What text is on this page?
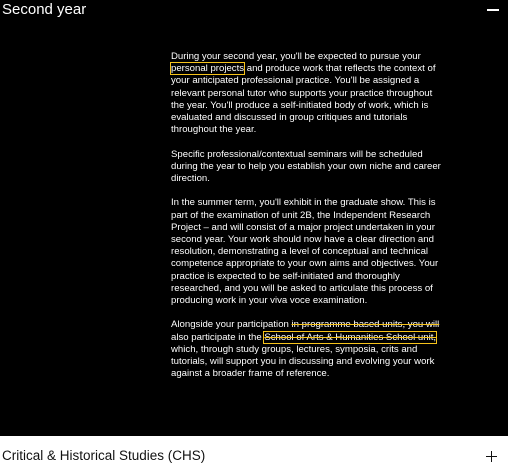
Second year

During your second year, you'll be expected to pursue your personal projects and produce work that reflects the context of your anticipated professional practice. You'll be assigned a relevant personal tutor who supports your practice throughout the year. You'll produce a self-initiated body of work, which is evaluated and discussed in group critiques and tutorials throughout the year.

Specific professional/contextual seminars will be scheduled during the year to help you establish your own niche and career direction.

In the summer term, you'll exhibit in the graduate show. This is part of the examination of unit 2B, the Independent Research Project – and will consist of a major project undertaken in your second year. Your work should now have a clear direction and resolution, demonstrating a level of conceptual and technical competence appropriate to your own aims and objectives. Your practice is expected to be self-initiated and thoroughly researched, and you will be asked to articulate this process of producing work in your viva voce examination.

Alongside your participation in programme based units, you will also participate in the School of Arts & Humanities School unit, which, through study groups, lectures, symposia, crits and tutorials, will support you in discussing and evolving your work against a broader frame of reference.

Critical & Historical Studies (CHS)
